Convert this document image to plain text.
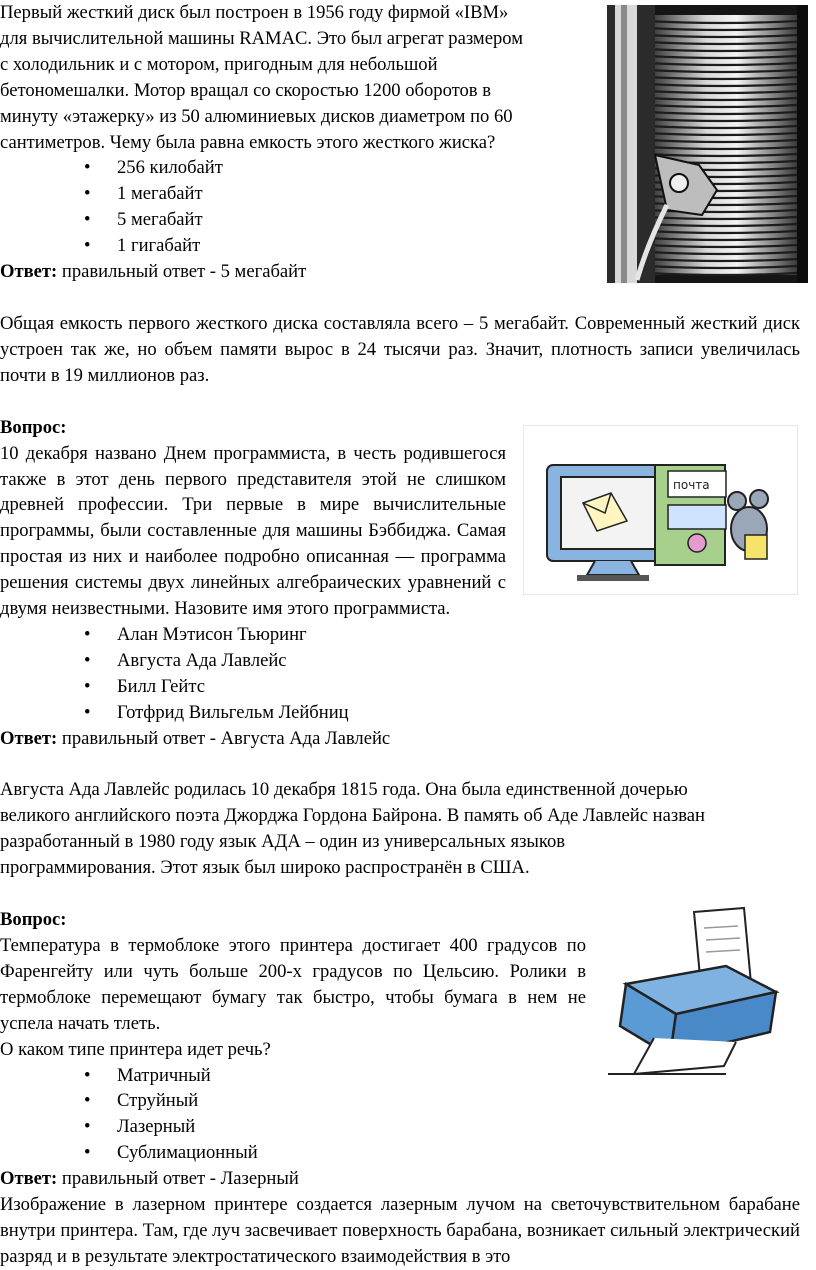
почта

Первый жесткий диск был построен в 1956 году фирмой «IBM»

для вычислительной машины RAMAC. Это был агрегат размером

с холодильник и с мотором, пригодным для небольшой

бетономешалки. Мотор вращал со скоростью 1200 оборотов в

минуту «этажерку» из 50 алюминиевых дисков диаметром по 60

сантиметров. Чему была равна емкость этого жесткого жиска?

• 256 килобайт
• 1 мегабайт
• 5 мегабайт
• 1 гигабайт

Ответ: правильный ответ - 5 мегабайт

Общая емкость первого жесткого диска составляла всего – 5 мегабайт. Современный жесткий диск устроен так же, но объем памяти вырос в 24 тысячи раз. Значит, плотность записи увеличилась почти в 19 миллионов раз.

Вопрос:

10 декабря названо Днем программиста, в честь родившегося также в этот день первого представителя этой не слишком древней профессии. Три первые в мире вычислительные программы, были составленные для машины Бэббиджа. Самая простая из них и наиболее подробно описанная — программа решения системы двух линейных алгебраических уравнений с двумя неизвестными. Назовите имя этого программиста.

• Алан Мэтисон Тьюринг
• Августа Ада Лавлейс
• Билл Гейтс
• Готфрид Вильгельм Лейбниц

Ответ: правильный ответ - Августа Ада Лавлейс

Августа Ада Лавлейс родилась 10 декабря 1815 года. Она была единственной дочерью

великого английского поэта Джорджа Гордона Байрона. В память об Аде Лавлейс назван

разработанный в 1980 году язык АДА – один из универсальных языков

программирования. Этот язык был широко распространён в США.

Вопрос:

Температура в термоблоке этого принтера достигает 400 градусов по Фаренгейту или чуть больше 200-х градусов по Цельсию. Ролики в термоблоке перемещают бумагу так быстро, чтобы бумага в нем не успела начать тлеть.

О каком типе принтера идет речь?

• Матричный
• Струйный
• Лазерный
• Сублимационный

Ответ: правильный ответ - Лазерный

Изображение в лазерном принтере создается лазерным лучом на светочувствительном барабане внутри принтера. Там, где луч засвечивает поверхность барабана, возникает сильный электрический разряд и в результате электростатического взаимодействия в это
